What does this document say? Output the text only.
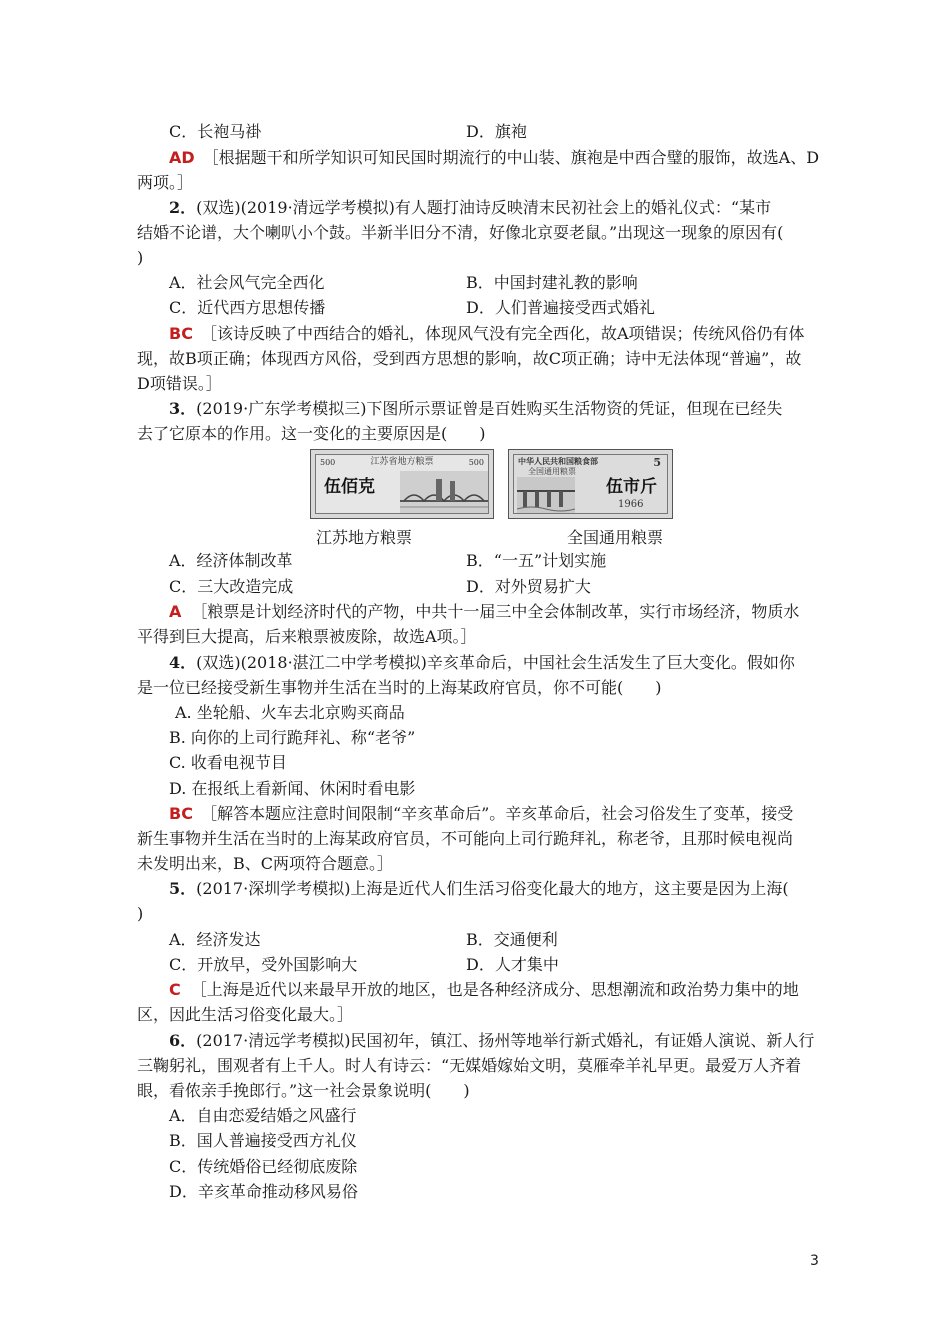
C．长袍马褂	D．旗袍
AD ［根据题干和所学知识可知民国时期流行的中山装、旗袍是中西合璧的服饰，故选A、D
两项。］
2．(双选)(2019·清远学考模拟)有人题打油诗反映清末民初社会上的婚礼仪式：“某市
结婚不论谱，大个喇叭小个鼓。半新半旧分不清，好像北京耍老鼠。”出现这一现象的原因有(
)
A．社会风气完全西化	B．中国封建礼教的影响
C．近代西方思想传播	D．人们普遍接受西式婚礼
BC ［该诗反映了中西结合的婚礼，体现风气没有完全西化，故A项错误；传统风俗仍有体
现，故B项正确；体现西方风俗，受到西方思想的影响，故C项正确；诗中无法体现“普遍”，故
D项错误。］
3．(2019·广东学考模拟三)下图所示票证曾是百姓购买生活物资的凭证，但现在已经失
去了它原本的作用。这一变化的主要原因是(　　)
江苏省地方粮票
500	500
伍佰克
中华人民共和国粮食部
全国通用粮票
5
伍市斤
1966
江苏地方粮票	全国通用粮票
A．经济体制改革	B．“一五”计划实施
C．三大改造完成	D．对外贸易扩大
A ［粮票是计划经济时代的产物，中共十一届三中全会体制改革，实行市场经济，物质水
平得到巨大提高，后来粮票被废除，故选A项。］
4．(双选)(2018·湛江二中学考模拟)辛亥革命后，中国社会生活发生了巨大变化。假如你
是一位已经接受新生事物并生活在当时的上海某政府官员，你不可能(　　)
A. 坐轮船、火车去北京购买商品
B. 向你的上司行跪拜礼、称“老爷”
C. 收看电视节目
D. 在报纸上看新闻、休闲时看电影
BC ［解答本题应注意时间限制“辛亥革命后”。辛亥革命后，社会习俗发生了变革，接受
新生事物并生活在当时的上海某政府官员，不可能向上司行跪拜礼，称老爷，且那时候电视尚
未发明出来，B、C两项符合题意。］
5．(2017·深圳学考模拟)上海是近代人们生活习俗变化最大的地方，这主要是因为上海(
)
A．经济发达	B．交通便利
C．开放早，受外国影响大	D．人才集中
C ［上海是近代以来最早开放的地区，也是各种经济成分、思想潮流和政治势力集中的地
区，因此生活习俗变化最大。］
6．(2017·清远学考模拟)民国初年，镇江、扬州等地举行新式婚礼，有证婚人演说、新人行
三鞠躬礼，围观者有上千人。时人有诗云：“无媒婚嫁始文明，莫雁牵羊礼早更。最爱万人齐着
眼，看侬亲手挽郎行。”这一社会景象说明(　　)
A．自由恋爱结婚之风盛行
B．国人普遍接受西方礼仪
C．传统婚俗已经彻底废除
D．辛亥革命推动移风易俗
3
